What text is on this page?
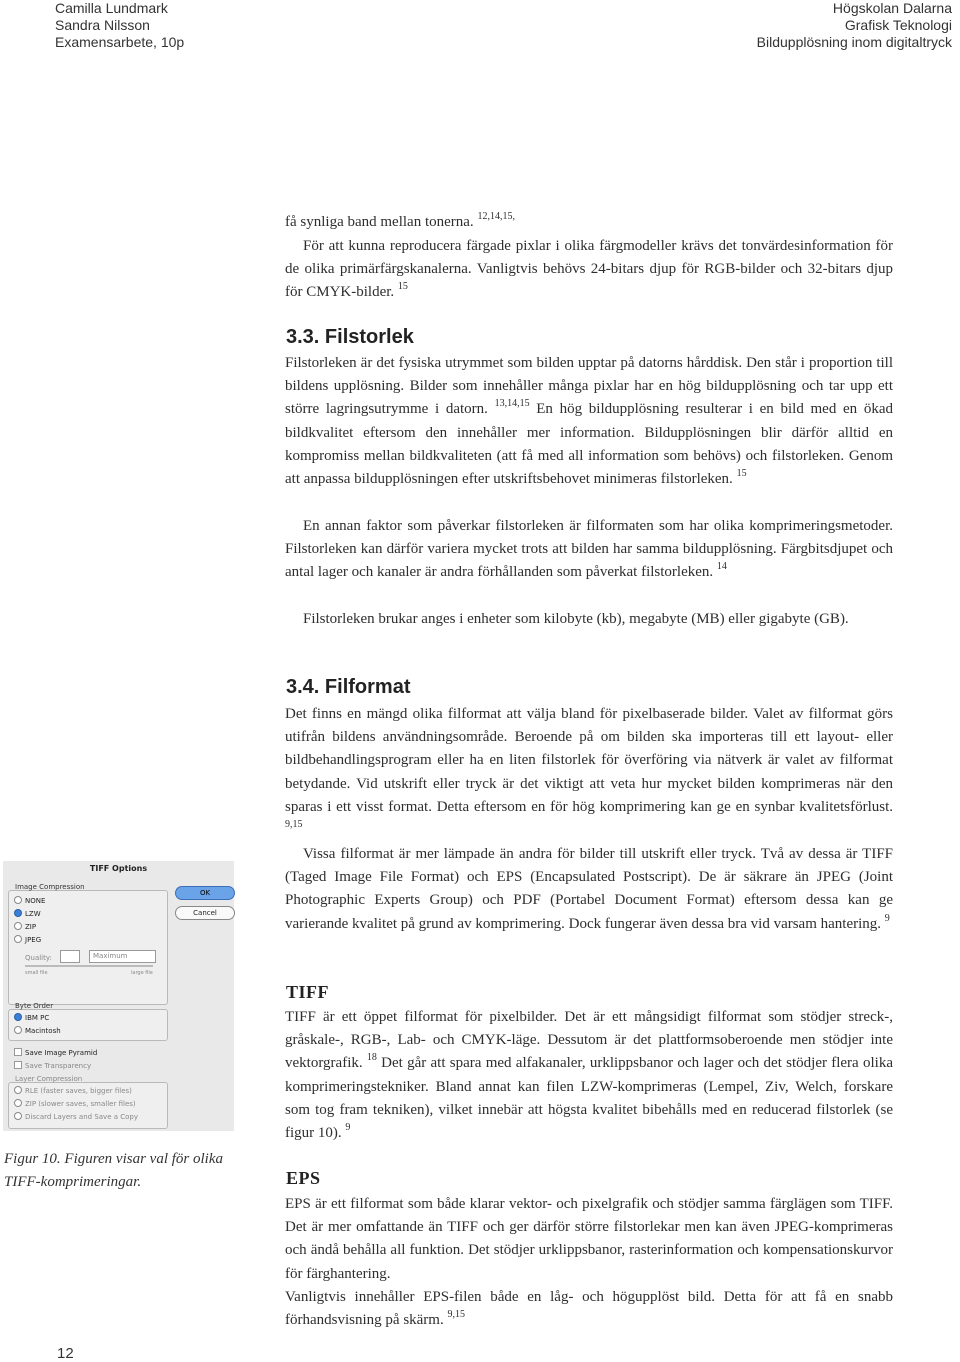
Camilla Lundmark
Sandra Nilsson
Examensarbete, 10p
Högskolan Dalarna
Grafisk Teknologi
Bildupplösning inom digitaltryck

få synliga band mellan tonerna. $^{12,14,15,}$

För att kunna reproducera färgade pixlar i olika färgmodeller krävs det tonvärdesinformation för de olika primärfärgskanalerna. Vanligtvis behövs 24-bitars djup för RGB-bilder och 32-bitars djup för CMYK-bilder. $^{15}$

3.3. Filstorlek

Filstorleken är det fysiska utrymmet som bilden upptar på datorns hårddisk. Den står i proportion till bildens upplösning. Bilder som innehåller många pixlar har en hög bildupplösning och tar upp ett större lagringsutrymme i datorn. $^{13,14,15}$ En hög bildupplösning resulterar i en bild med en ökad bildkvalitet eftersom den innehåller mer information. Bildupplösningen blir därför alltid en kompromiss mellan bildkvaliteten (att få med all information som behövs) och filstorleken. Genom att anpassa bildupplösningen efter utskriftsbehovet minimeras filstorleken. $^{15}$

En annan faktor som påverkar filstorleken är filformaten som har olika komprimeringsmetoder. Filstorleken kan därför variera mycket trots att bilden har samma bildupplösning. Färgbitsdjupet och antal lager och kanaler är andra förhållanden som påverkat filstorleken. $^{14}$

Filstorleken brukar anges i enheter som kilobyte (kb), megabyte (MB) eller gigabyte (GB).

3.4. Filformat

Det finns en mängd olika filformat att välja bland för pixelbaserade bilder. Valet av filformat görs utifrån bildens användningsområde. Beroende på om bilden ska importeras till ett layout- eller bildbehandlingsprogram eller ha en liten filstorlek för överföring via nätverk är valet av filformat betydande. Vid utskrift eller tryck är det viktigt att veta hur mycket bilden komprimeras när den sparas i ett visst format. Detta eftersom en för hög komprimering kan ge en synbar kvalitetsförlust. $^{9,15}$

Vissa filformat är mer lämpade än andra för bilder till utskrift eller tryck. Två av dessa är TIFF (Taged Image File Format) och EPS (Encapsulated Postscript). De är säkrare än JPEG (Joint Photographic Experts Group) och PDF (Portabel Document Format) eftersom dessa kan ge varierande kvalitet på grund av komprimering. Dock fungerar även dessa bra vid varsam hantering. $^9$

TIFF

TIFF är ett öppet filformat för pixelbilder. Det är ett mångsidigt filformat som stödjer streck-, gråskale-, RGB-, Lab- och CMYK-läge. Dessutom är det plattformsoberoende men stödjer inte vektorgrafik. $^{18}$ Det går att spara med alfakanaler, urklippsbanor och lager och det stödjer flera olika komprimeringstekniker. Bland annat kan filen LZW-komprimeras (Lempel, Ziv, Welch, forskare som tog fram tekniken), vilket innebär att högsta kvalitet bibehålls med en reducerad filstorlek (se figur 10). $^9$

EPS

EPS är ett filformat som både klarar vektor- och pixelgrafik och stödjer samma färglägen som TIFF. Det är mer omfattande än TIFF och ger därför större filstorlekar men kan även JPEG-komprimeras och ändå behålla all funktion. Det stödjer urklippsbanor, rasterinformation och kompensationskurvor för färghantering.

Vanligtvis innehåller EPS-filen både en låg- och högupplöst bild. Detta för att få en snabb förhandsvisning på skärm. $^{9,15}$

TIFF Options
OK
Cancel
Image Compression
NONE
LZW
ZIP
JPEG
Quality:	Maximum
small file	large file
Byte Order
IBM PC
Macintosh
Save Image Pyramid
Save Transparency
Layer Compression
RLE (faster saves, bigger files)
ZIP (slower saves, smaller files)
Discard Layers and Save a Copy
Figur 10. Figuren visar val för olika TIFF-komprimeringar.
12
